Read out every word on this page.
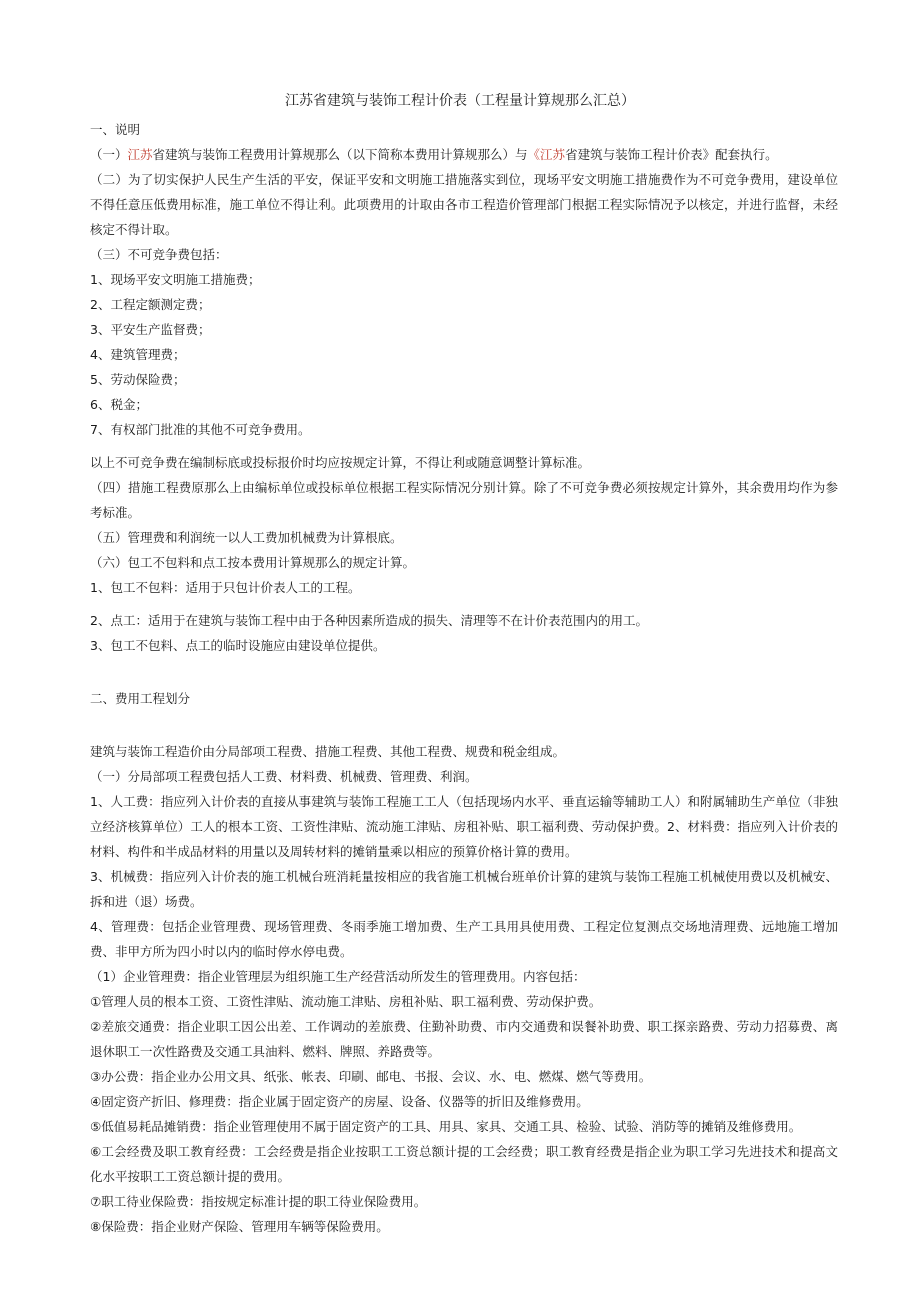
江苏省建筑与装饰工程计价表（工程量计算规那么汇总）

一、说明

（一）江苏省建筑与装饰工程费用计算规那么（以下简称本费用计算规那么）与《江苏省建筑与装饰工程计价表》配套执行。

（二）为了切实保护人民生产生活的平安，保证平安和文明施工措施落实到位，现场平安文明施工措施费作为不可竞争费用，建设单位不得任意压低费用标准，施工单位不得让利。此项费用的计取由各市工程造价管理部门根据工程实际情况予以核定，并进行监督，未经核定不得计取。

（三）不可竞争费包括：

1、现场平安文明施工措施费；

2、工程定额测定费；

3、平安生产监督费；

4、建筑管理费；

5、劳动保险费；

6、税金；

7、有权部门批准的其他不可竞争费用。

以上不可竞争费在编制标底或投标报价时均应按规定计算，不得让利或随意调整计算标准。

（四）措施工程费原那么上由编标单位或投标单位根据工程实际情况分别计算。除了不可竞争费必须按规定计算外，其余费用均作为参考标准。

（五）管理费和利润统一以人工费加机械费为计算根底。

（六）包工不包料和点工按本费用计算规那么的规定计算。

1、包工不包料：适用于只包计价表人工的工程。

2、点工：适用于在建筑与装饰工程中由于各种因素所造成的损失、清理等不在计价表范围内的用工。

3、包工不包料、点工的临时设施应由建设单位提供。

二、费用工程划分

建筑与装饰工程造价由分局部项工程费、措施工程费、其他工程费、规费和税金组成。

（一）分局部项工程费包括人工费、材料费、机械费、管理费、利润。

1、人工费：指应列入计价表的直接从事建筑与装饰工程施工工人（包括现场内水平、垂直运输等辅助工人）和附属辅助生产单位（非独立经济核算单位）工人的根本工资、工资性津贴、流动施工津贴、房租补贴、职工福利费、劳动保护费。2、材料费：指应列入计价表的材料、构件和半成品材料的用量以及周转材料的摊销量乘以相应的预算价格计算的费用。

3、机械费：指应列入计价表的施工机械台班消耗量按相应的我省施工机械台班单价计算的建筑与装饰工程施工机械使用费以及机械安、拆和进（退）场费。

4、管理费：包括企业管理费、现场管理费、冬雨季施工增加费、生产工具用具使用费、工程定位复测点交场地清理费、远地施工增加费、非甲方所为四小时以内的临时停水停电费。

（1）企业管理费：指企业管理层为组织施工生产经营活动所发生的管理费用。内容包括：

①管理人员的根本工资、工资性津贴、流动施工津贴、房租补贴、职工福利费、劳动保护费。

②差旅交通费：指企业职工因公出差、工作调动的差旅费、住勤补助费、市内交通费和误餐补助费、职工探亲路费、劳动力招募费、离退休职工一次性路费及交通工具油料、燃料、牌照、养路费等。

③办公费：指企业办公用文具、纸张、帐表、印刷、邮电、书报、会议、水、电、燃煤、燃气等费用。

④固定资产折旧、修理费：指企业属于固定资产的房屋、设备、仪器等的折旧及维修费用。

⑤低值易耗品摊销费：指企业管理使用不属于固定资产的工具、用具、家具、交通工具、检验、试验、消防等的摊销及维修费用。

⑥工会经费及职工教育经费：工会经费是指企业按职工工资总额计提的工会经费；职工教育经费是指企业为职工学习先进技术和提高文化水平按职工工资总额计提的费用。

⑦职工待业保险费：指按规定标准计提的职工待业保险费用。

⑧保险费：指企业财产保险、管理用车辆等保险费用。
